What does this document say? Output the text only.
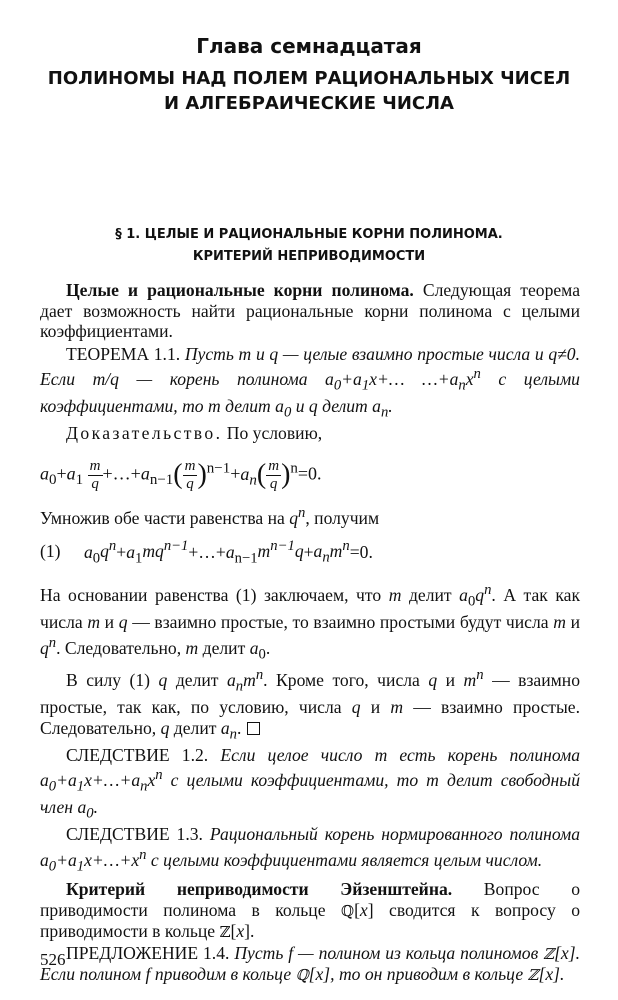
Глава семнадцатая
ПОЛИНОМЫ НАД ПОЛЕМ РАЦИОНАЛЬНЫХ ЧИСЕЛ
И АЛГЕБРАИЧЕСКИЕ ЧИСЛА
§ 1. ЦЕЛЫЕ И РАЦИОНАЛЬНЫЕ КОРНИ ПОЛИНОМА.
КРИТЕРИЙ НЕПРИВОДИМОСТИ

Целые и рациональные корни полинома. Следующая теорема дает возможность найти рациональные корни полинома с целыми коэффициентами.

ТЕОРЕМА 1.1. Пусть m и q — целые взаимно простые числа и q≠0. Если m/q — корень полинома $a_0+a_1x+\dots$ $\dots+a_nx^n$ с целыми коэффициентами, то m делит $a_0$ и q делит $a_n$.

Доказательство. По условию,

$a_0+a_1 \frac{m}{q}$ $+\dots+a_{n-1}( \frac{m}{q} )^{n-1}+a_n( \frac{m}{q} )^n=0$.

Умножив обе части равенства на $q^n$, получим

(1) $a_0q^n+a_1mq^{n-1}+\dots+a_{n-1}m^{n-1}q+a_nm^n=0$.

На основании равенства (1) заключаем, что m делит $a_0q^n$. А так как числа m и q — взаимно простые, то взаимно простыми будут числа m и $q^n$. Следовательно, m делит $a_0$.

В силу (1) q делит $a_nm^n$. Кроме того, числа q и $m^n$ — взаимно простые, так как, по условию, числа q и m — взаимно простые. Следовательно, q делит $a_n$.

СЛЕДСТВИЕ 1.2. Если целое число m есть корень полинома $a_0+a_1x+\dots+a_nx^n$ с целыми коэффициентами, то m делит свободный член $a_0$.

СЛЕДСТВИЕ 1.3. Рациональный корень нормированного полинома $a_0+a_1x+\dots+x^n$ с целыми коэффициентами является целым числом.

Критерий неприводимости Эйзенштейна. Вопрос о приводимости полинома в кольце ℚ[x] сводится к вопросу о приводимости в кольце ℤ[x].

ПРЕДЛОЖЕНИЕ 1.4. Пусть f — полином из кольца полиномов ℤ[x]. Если полином f приводим в кольце ℚ[x], то он приводим в кольце ℤ[x].

526
